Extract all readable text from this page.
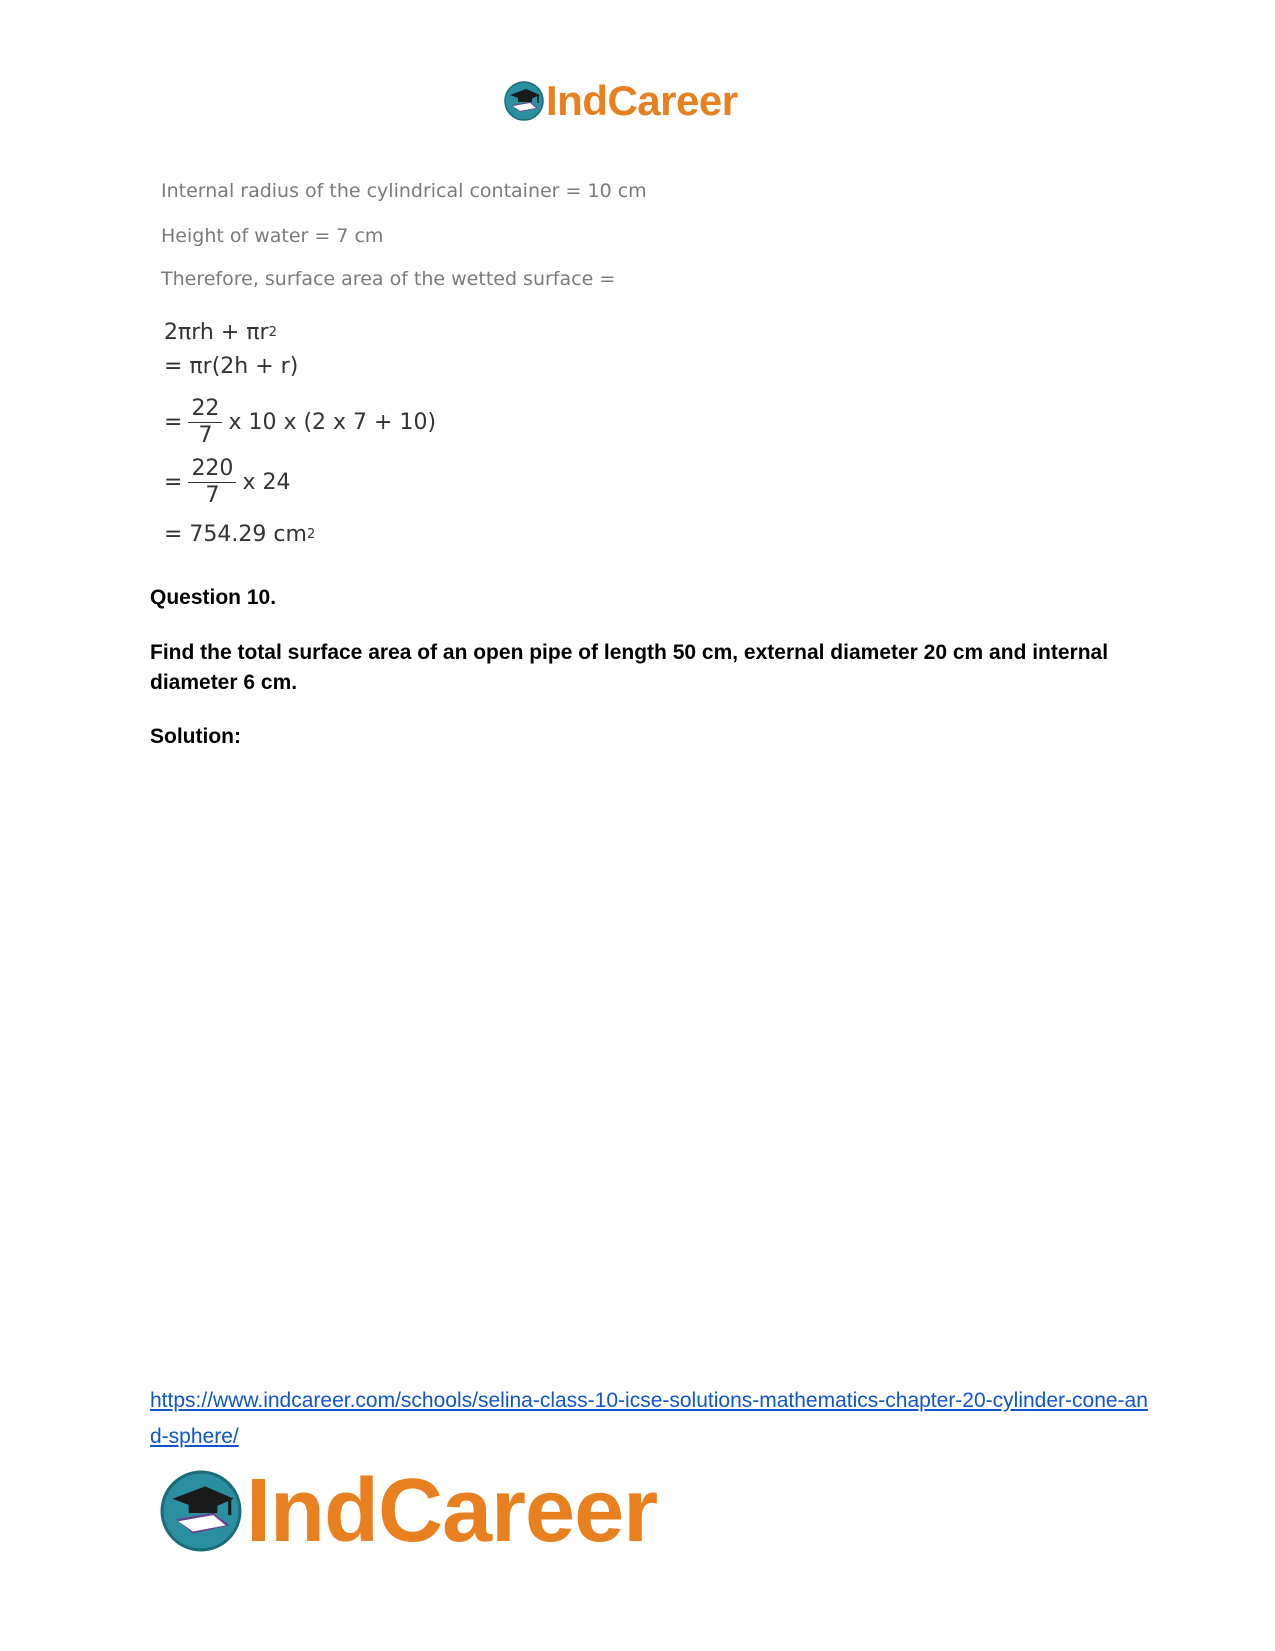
IndCareer
Internal radius of the cylindrical container = 10 cm
Height of water = 7 cm
Therefore, surface area of the wetted surface =
2πrh + πr 2
= πr(2h + r)
= $\frac{22}{7}$ x 10 x (2 x 7 + 10)
= $\frac{220}{7}$ x 24
= 754.29 cm 2
Question 10.
Find the total surface area of an open pipe of length 50 cm, external diameter 20 cm and internal diameter 6 cm.
Solution:
https://www.indcareer.com/schools/selina-class-10-icse-solutions-mathematics-chapter-20-cylinder-cone-and-sphere/
IndCareer
